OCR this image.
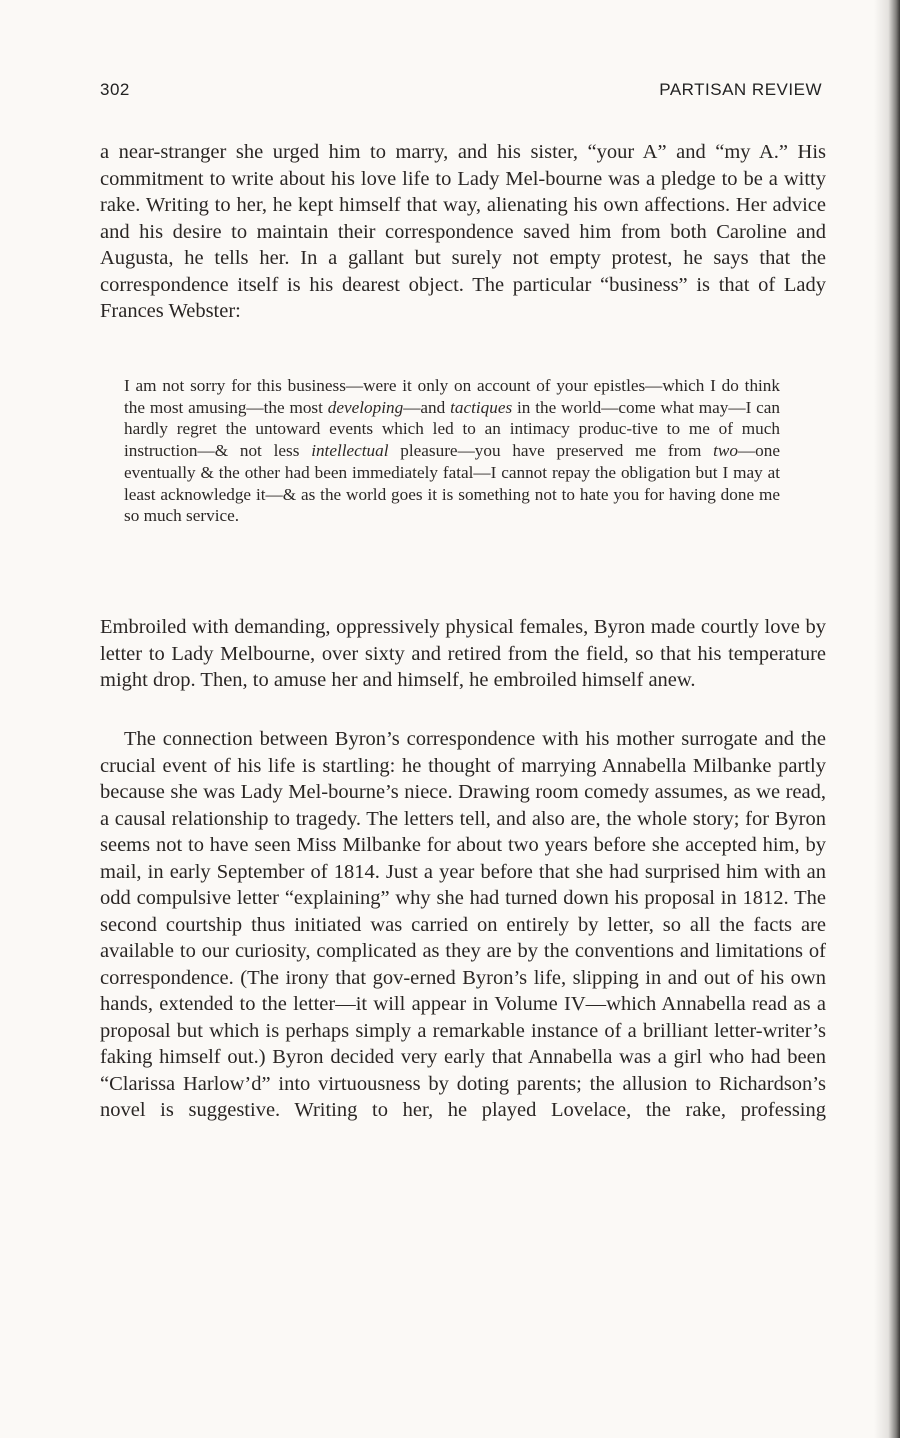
302	PARTISAN REVIEW

a near-stranger she urged him to marry, and his sister, “your A” and “my A.” His commitment to write about his love life to Lady Mel-bourne was a pledge to be a witty rake. Writing to her, he kept himself that way, alienating his own affections. Her advice and his desire to maintain their correspondence saved him from both Caroline and Augusta, he tells her. In a gallant but surely not empty protest, he says that the correspondence itself is his dearest object. The particular “business” is that of Lady Frances Webster:

I am not sorry for this business—were it only on account of your epistles—which I do think the most amusing—the most developing—and tactiques in the world—come what may—I can hardly regret the untoward events which led to an intimacy produc-tive to me of much instruction—& not less intellectual pleasure—you have preserved me from two—one eventually & the other had been immediately fatal—I cannot repay the obligation but I may at least acknowledge it—& as the world goes it is something not to hate you for having done me so much service.

Embroiled with demanding, oppressively physical females, Byron made courtly love by letter to Lady Melbourne, over sixty and retired from the field, so that his temperature might drop. Then, to amuse her and himself, he embroiled himself anew.

The connection between Byron’s correspondence with his mother surrogate and the crucial event of his life is startling: he thought of marrying Annabella Milbanke partly because she was Lady Mel-bourne’s niece. Drawing room comedy assumes, as we read, a causal relationship to tragedy. The letters tell, and also are, the whole story; for Byron seems not to have seen Miss Milbanke for about two years before she accepted him, by mail, in early September of 1814. Just a year before that she had surprised him with an odd compulsive letter “explaining” why she had turned down his proposal in 1812. The second courtship thus initiated was carried on entirely by letter, so all the facts are available to our curiosity, complicated as they are by the conventions and limitations of correspondence. (The irony that gov-erned Byron’s life, slipping in and out of his own hands, extended to the letter—it will appear in Volume IV—which Annabella read as a proposal but which is perhaps simply a remarkable instance of a brilliant letter-writer’s faking himself out.) Byron decided very early that Annabella was a girl who had been “Clarissa Harlow’d” into virtuousness by doting parents; the allusion to Richardson’s novel is suggestive. Writing to her, he played Lovelace, the rake, professing
